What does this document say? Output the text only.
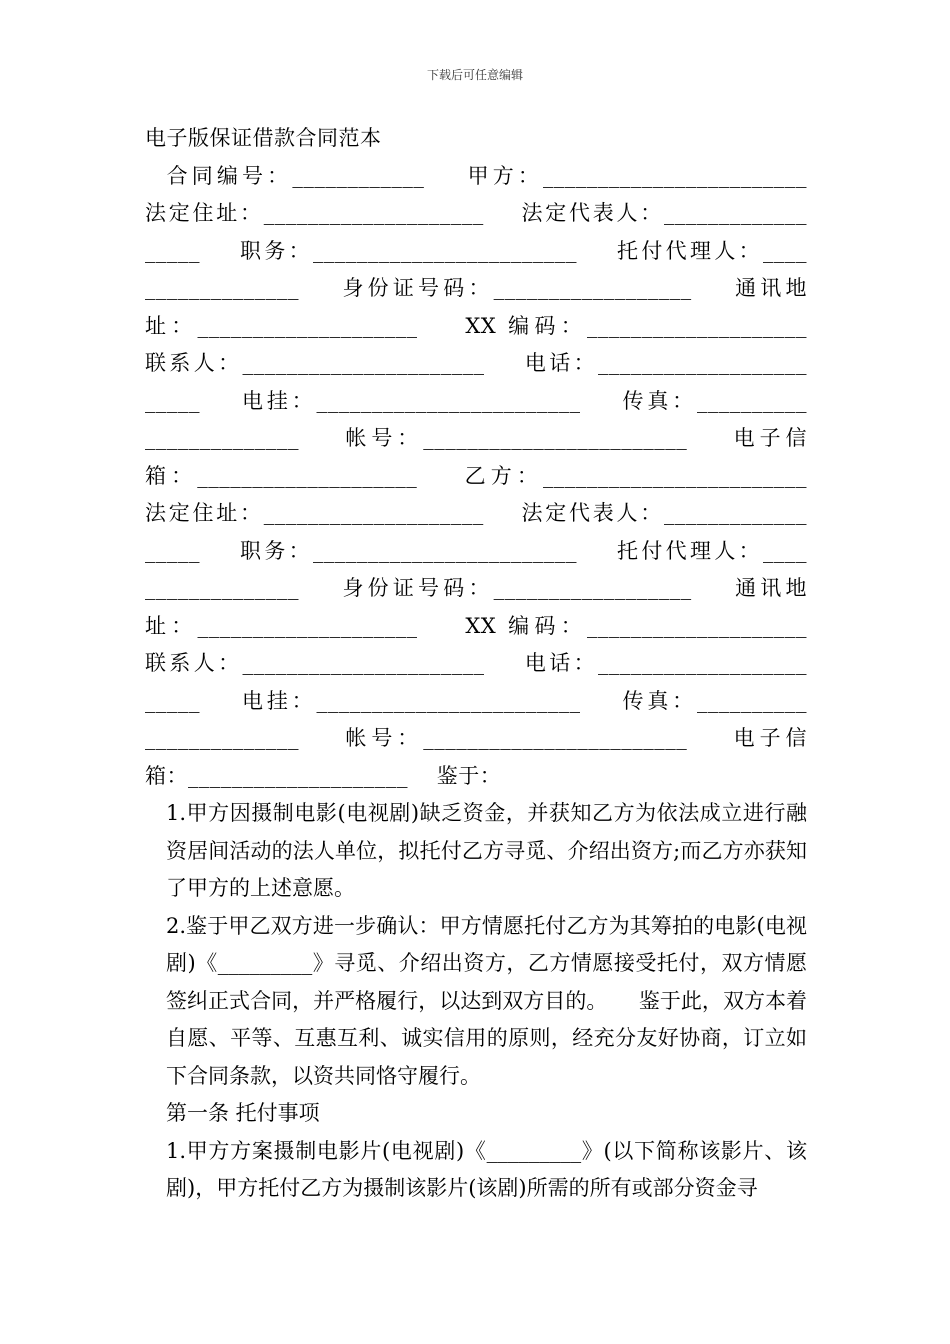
下载后可任意编辑
电子版保证借款合同范本
合同编号：____________    甲方：________________________
法定住址：____________________    法定代表人：_____________
_____    职务：________________________    托付代理人：____
______________    身份证号码：__________________    通讯地
址：____________________    XX 编码：____________________
联系人：______________________    电话：___________________
_____    电挂：________________________    传真：__________
______________    帐号：________________________    电子信
箱：____________________    乙方：________________________
法定住址：____________________    法定代表人：_____________
_____    职务：________________________    托付代理人：____
______________    身份证号码：__________________    通讯地
址：____________________    XX 编码：____________________
联系人：______________________    电话：___________________
_____    电挂：________________________    传真：__________
______________    帐号：________________________    电子信
箱：____________________    鉴于：
1.甲方因摄制电影(电视剧)缺乏资金，并获知乙方为依法成立进行融资居间活动的法人单位，拟托付乙方寻觅、介绍出资方;而乙方亦获知了甲方的上述意愿。
2.鉴于甲乙双方进一步确认：甲方情愿托付乙方为其筹拍的电影(电视剧)《_________》寻觅、介绍出资方，乙方情愿接受托付，双方情愿签纠正式合同，并严格履行，以达到双方目的。　　鉴于此，双方本着自愿、平等、互惠互利、诚实信用的原则，经充分友好协商，订立如下合同条款，以资共同恪守履行。
第一条 托付事项
1.甲方方案摄制电影片(电视剧)《_________》(以下简称该影片、该剧)，甲方托付乙方为摄制该影片(该剧)所需的所有或部分资金寻
